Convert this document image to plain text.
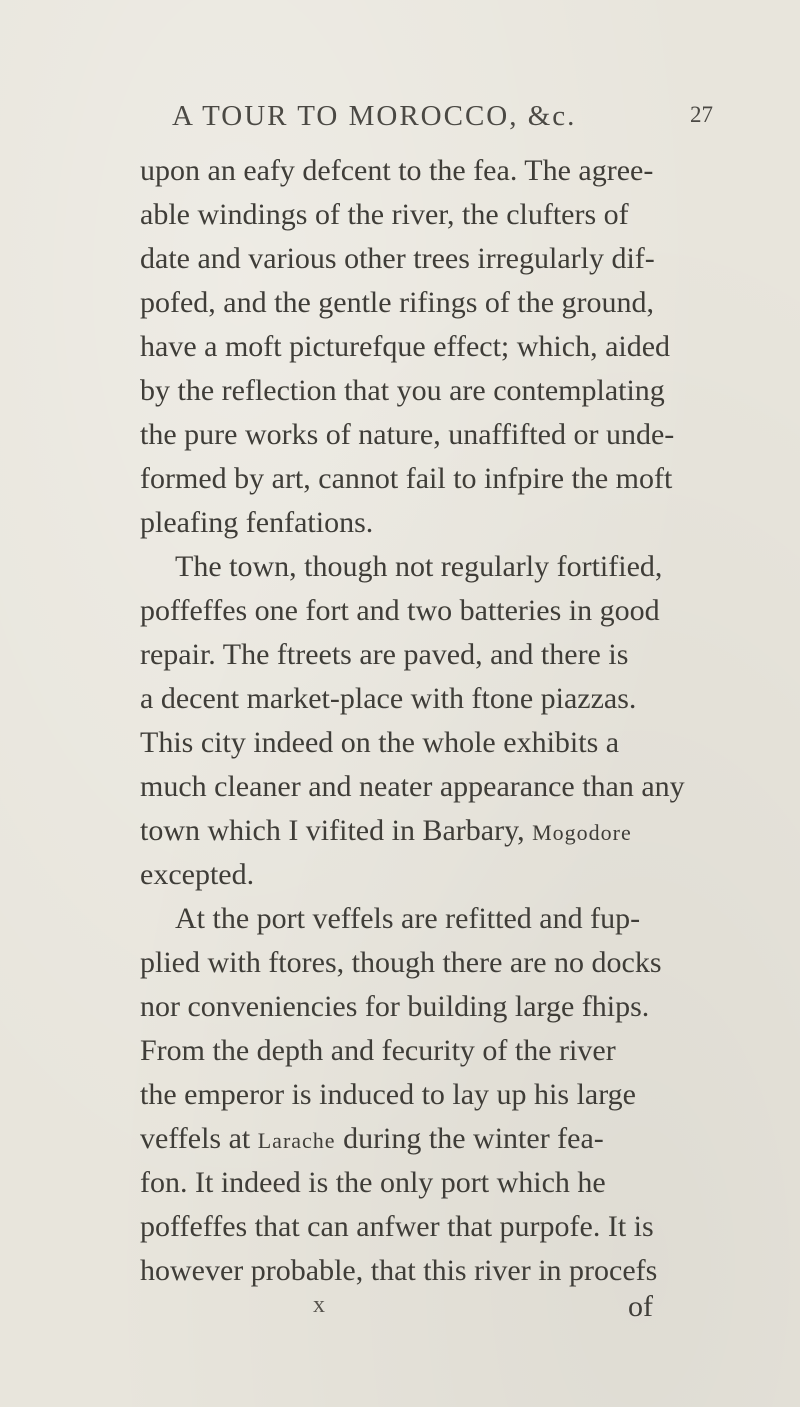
A TOUR TO MOROCCO, &c.	27
upon an eafy defcent to the fea. The agree-
able windings of the river, the clufters of
date and various other trees irregularly dif-
pofed, and the gentle rifings of the ground,
have a moft picturefque effect; which, aided
by the reflection that you are contemplating
the pure works of nature, unaffifted or unde-
formed by art, cannot fail to infpire the moft
pleafing fenfations.
The town, though not regularly fortified,
poffeffes one fort and two batteries in good
repair. The ftreets are paved, and there is
a decent market-place with ftone piazzas.
This city indeed on the whole exhibits a
much cleaner and neater appearance than any
town which I vifited in Barbary, Mogodore
excepted.
At the port veffels are refitted and fup-
plied with ftores, though there are no docks
nor conveniencies for building large fhips.
From the depth and fecurity of the river
the emperor is induced to lay up his large
veffels at Larache during the winter fea-
fon. It indeed is the only port which he
poffeffes that can anfwer that purpofe. It is
however probable, that this river in procefs
x	of
